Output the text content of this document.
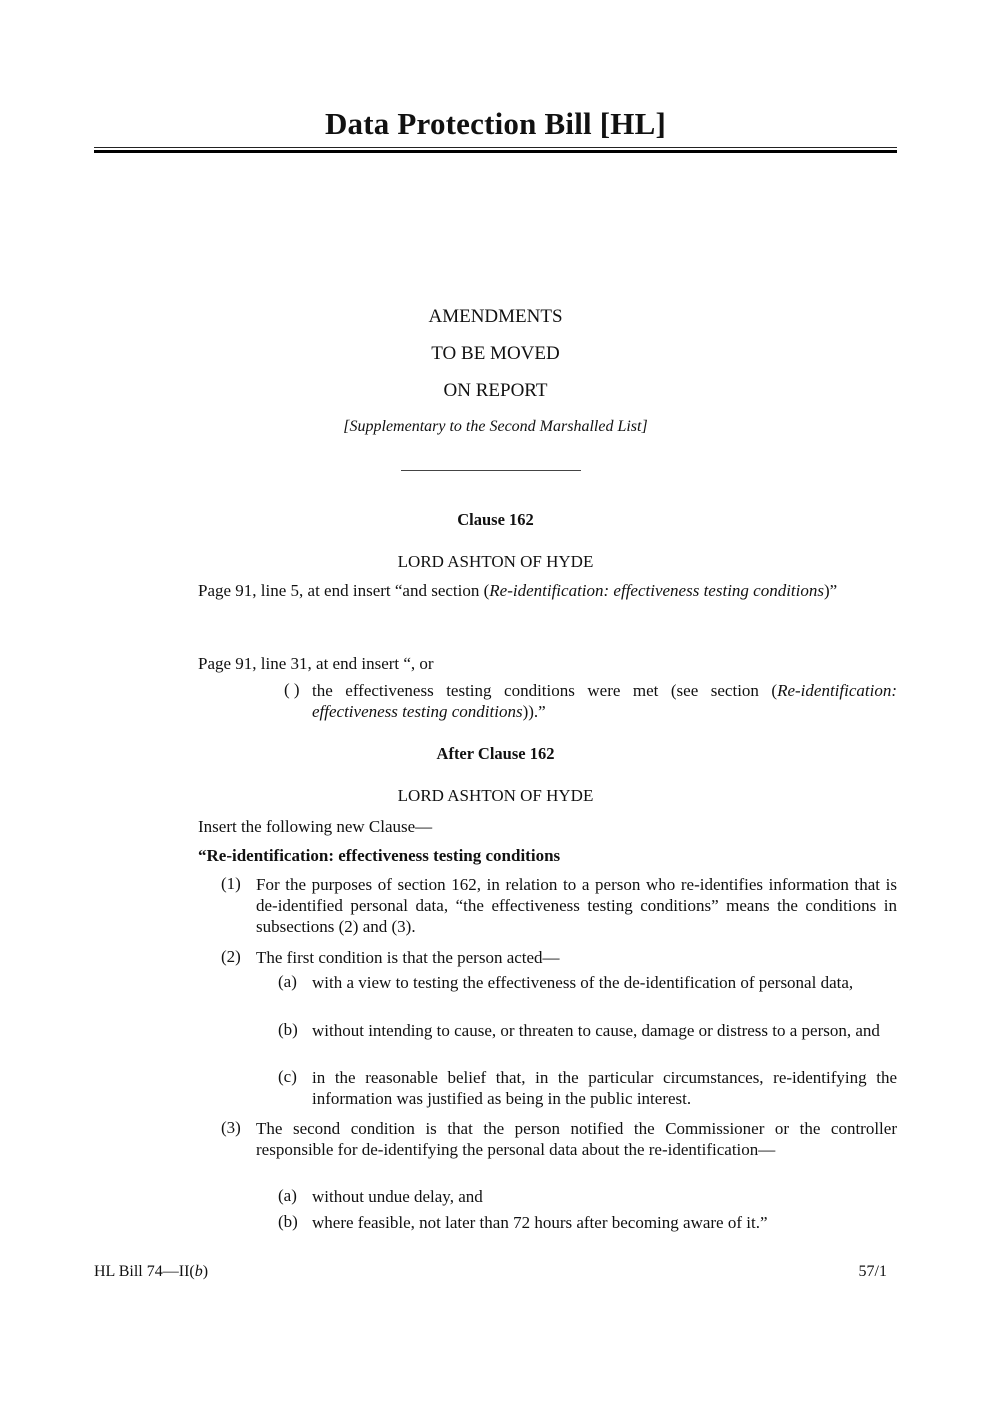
Data Protection Bill [HL]
AMENDMENTS
TO BE MOVED
ON REPORT
[Supplementary to the Second Marshalled List]
Clause 162
LORD ASHTON OF HYDE
Page 91, line 5, at end insert “and section (Re-identification: effectiveness testing conditions)”
Page 91, line 31, at end insert “, or
( ) the effectiveness testing conditions were met (see section (Re-identification: effectiveness testing conditions)).”
After Clause 162
LORD ASHTON OF HYDE
Insert the following new Clause—
“Re-identification: effectiveness testing conditions
(1) For the purposes of section 162, in relation to a person who re-identifies information that is de-identified personal data, “the effectiveness testing conditions” means the conditions in subsections (2) and (3).
(2) The first condition is that the person acted—
(a) with a view to testing the effectiveness of the de-identification of personal data,
(b) without intending to cause, or threaten to cause, damage or distress to a person, and
(c) in the reasonable belief that, in the particular circumstances, re-identifying the information was justified as being in the public interest.
(3) The second condition is that the person notified the Commissioner or the controller responsible for de-identifying the personal data about the re-identification—
(a) without undue delay, and
(b) where feasible, not later than 72 hours after becoming aware of it.”
HL Bill 74—II(b)	57/1
